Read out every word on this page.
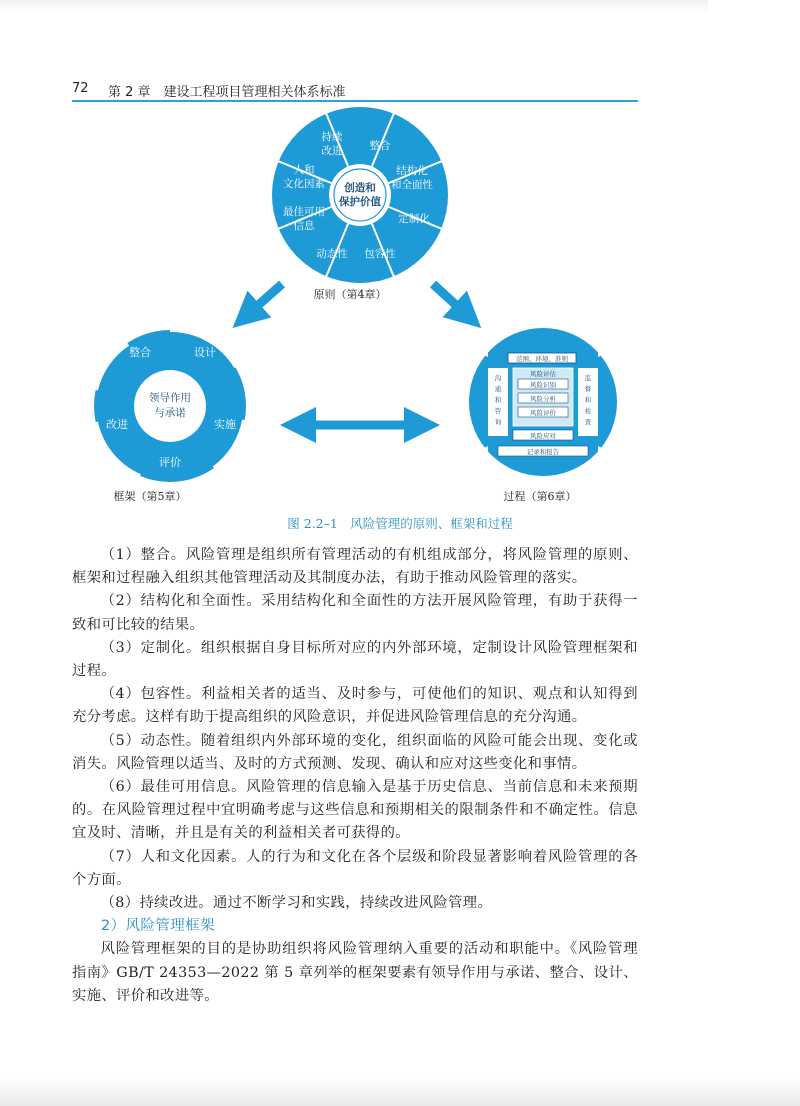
72 第 2 章　建设工程项目管理相关体系标准
创造和
保护价值
持续
改进	整合
结构化
和全面性
定制化
包容性
动态性
最佳可用
信息
人和
文化因素
原则（第4章）
领导作用
与承诺
整合	设计
实施
评价
改进
框架（第5章）
范围、环境、准则
沟
通
和
咨
询
监
督
和
检
查
风险评估
风险识别
风险分析
风险评价
风险应对
记录和报告
过程（第6章）
图 2.2–1　风险管理的原则、框架和过程

（1）整合。风险管理是组织所有管理活动的有机组成部分，将风险管理的原则、框架和过程融入组织其他管理活动及其制度办法，有助于推动风险管理的落实。

（2）结构化和全面性。采用结构化和全面性的方法开展风险管理，有助于获得一致和可比较的结果。

（3）定制化。组织根据自身目标所对应的内外部环境，定制设计风险管理框架和过程。

（4）包容性。利益相关者的适当、及时参与，可使他们的知识、观点和认知得到充分考虑。这样有助于提高组织的风险意识，并促进风险管理信息的充分沟通。

（5）动态性。随着组织内外部环境的变化，组织面临的风险可能会出现、变化或消失。风险管理以适当、及时的方式预测、发现、确认和应对这些变化和事情。

（6）最佳可用信息。风险管理的信息输入是基于历史信息、当前信息和未来预期的。在风险管理过程中宜明确考虑与这些信息和预期相关的限制条件和不确定性。信息宜及时、清晰，并且是有关的利益相关者可获得的。

（7）人和文化因素。人的行为和文化在各个层级和阶段显著影响着风险管理的各个方面。

（8）持续改进。通过不断学习和实践，持续改进风险管理。

2）风险管理框架

风险管理框架的目的是协助组织将风险管理纳入重要的活动和职能中。《风险管理　指南》GB/T 24353—2022 第 5 章列举的框架要素有领导作用与承诺、整合、设计、实施、评价和改进等。
